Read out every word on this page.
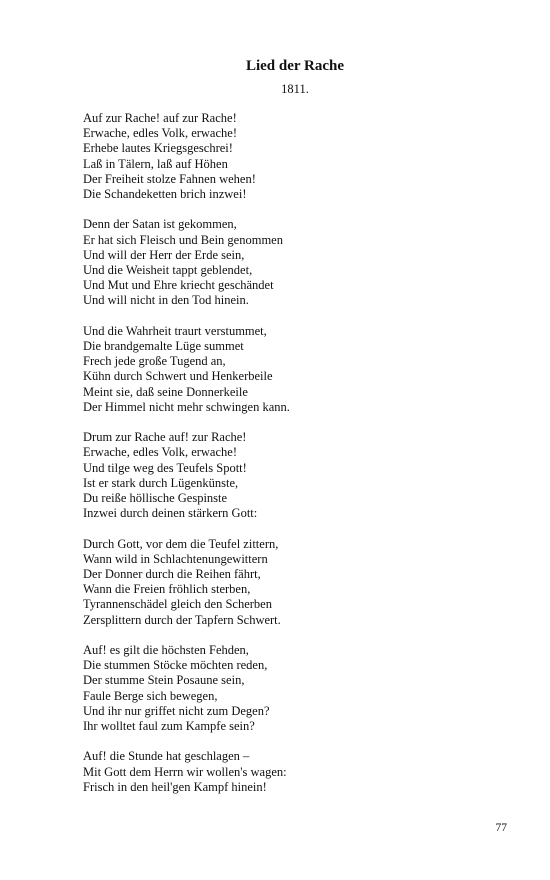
Lied der Rache
1811.
Auf zur Rache! auf zur Rache!
Erwache, edles Volk, erwache!
Erhebe lautes Kriegsgeschrei!
Laß in Tälern, laß auf Höhen
Der Freiheit stolze Fahnen wehen!
Die Schandeketten brich inzwei!
Denn der Satan ist gekommen,
Er hat sich Fleisch und Bein genommen
Und will der Herr der Erde sein,
Und die Weisheit tappt geblendet,
Und Mut und Ehre kriecht geschändet
Und will nicht in den Tod hinein.
Und die Wahrheit traurt verstummet,
Die brandgemalte Lüge summet
Frech jede große Tugend an,
Kühn durch Schwert und Henkerbeile
Meint sie, daß seine Donnerkeile
Der Himmel nicht mehr schwingen kann.
Drum zur Rache auf! zur Rache!
Erwache, edles Volk, erwache!
Und tilge weg des Teufels Spott!
Ist er stark durch Lügenkünste,
Du reiße höllische Gespinste
Inzwei durch deinen stärkern Gott:
Durch Gott, vor dem die Teufel zittern,
Wann wild in Schlachtenungewittern
Der Donner durch die Reihen fährt,
Wann die Freien fröhlich sterben,
Tyrannenschädel gleich den Scherben
Zersplittern durch der Tapfern Schwert.
Auf! es gilt die höchsten Fehden,
Die stummen Stöcke möchten reden,
Der stumme Stein Posaune sein,
Faule Berge sich bewegen,
Und ihr nur griffet nicht zum Degen?
Ihr wolltet faul zum Kampfe sein?
Auf! die Stunde hat geschlagen –
Mit Gott dem Herrn wir wollen's wagen:
Frisch in den heil'gen Kampf hinein!
77
